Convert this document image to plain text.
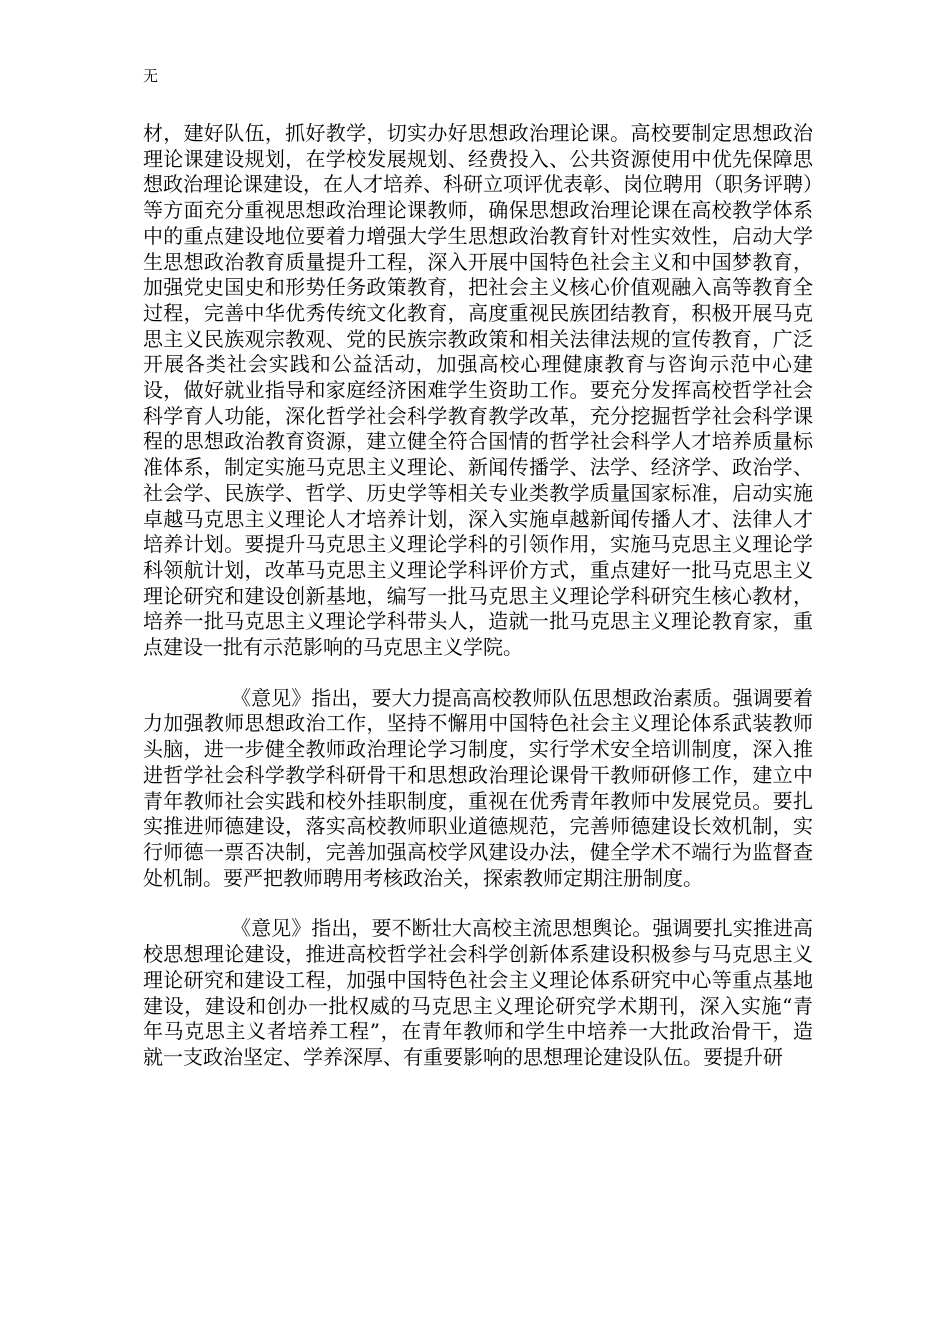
无

材，建好队伍，抓好教学，切实办好思想政治理论课。高校要制定思想政治理论课建设规划，在学校发展规划、经费投入、公共资源使用中优先保障思想政治理论课建设，在人才培养、科研立项评优表彰、岗位聘用（职务评聘）等方面充分重视思想政治理论课教师，确保思想政治理论课在高校教学体系中的重点建设地位要着力增强大学生思想政治教育针对性实效性，启动大学生思想政治教育质量提升工程，深入开展中国特色社会主义和中国梦教育，加强党史国史和形势任务政策教育，把社会主义核心价值观融入高等教育全过程，完善中华优秀传统文化教育，高度重视民族团结教育，积极开展马克思主义民族观宗教观、党的民族宗教政策和相关法律法规的宣传教育，广泛开展各类社会实践和公益活动，加强高校心理健康教育与咨询示范中心建设，做好就业指导和家庭经济困难学生资助工作。要充分发挥高校哲学社会科学育人功能，深化哲学社会科学教育教学改革，充分挖掘哲学社会科学课程的思想政治教育资源，建立健全符合国情的哲学社会科学人才培养质量标准体系，制定实施马克思主义理论、新闻传播学、法学、经济学、政治学、社会学、民族学、哲学、历史学等相关专业类教学质量国家标准，启动实施卓越马克思主义理论人才培养计划，深入实施卓越新闻传播人才、法律人才培养计划。要提升马克思主义理论学科的引领作用，实施马克思主义理论学科领航计划，改革马克思主义理论学科评价方式，重点建好一批马克思主义理论研究和建设创新基地，编写一批马克思主义理论学科研究生核心教材，培养一批马克思主义理论学科带头人，造就一批马克思主义理论教育家，重点建设一批有示范影响的马克思主义学院。

《意见》指出，要大力提高高校教师队伍思想政治素质。强调要着力加强教师思想政治工作，坚持不懈用中国特色社会主义理论体系武装教师头脑，进一步健全教师政治理论学习制度，实行学术安全培训制度，深入推进哲学社会科学教学科研骨干和思想政治理论课骨干教师研修工作，建立中青年教师社会实践和校外挂职制度，重视在优秀青年教师中发展党员。要扎实推进师德建设，落实高校教师职业道德规范，完善师德建设长效机制，实行师德一票否决制，完善加强高校学风建设办法，健全学术不端行为监督查处机制。要严把教师聘用考核政治关，探索教师定期注册制度。

《意见》指出，要不断壮大高校主流思想舆论。强调要扎实推进高校思想理论建设，推进高校哲学社会科学创新体系建设积极参与马克思主义理论研究和建设工程，加强中国特色社会主义理论体系研究中心等重点基地建设，建设和创办一批权威的马克思主义理论研究学术期刊，深入实施“青年马克思主义者培养工程”，在青年教师和学生中培养一大批政治骨干，造就一支政治坚定、学养深厚、有重要影响的思想理论建设队伍。要提升研
